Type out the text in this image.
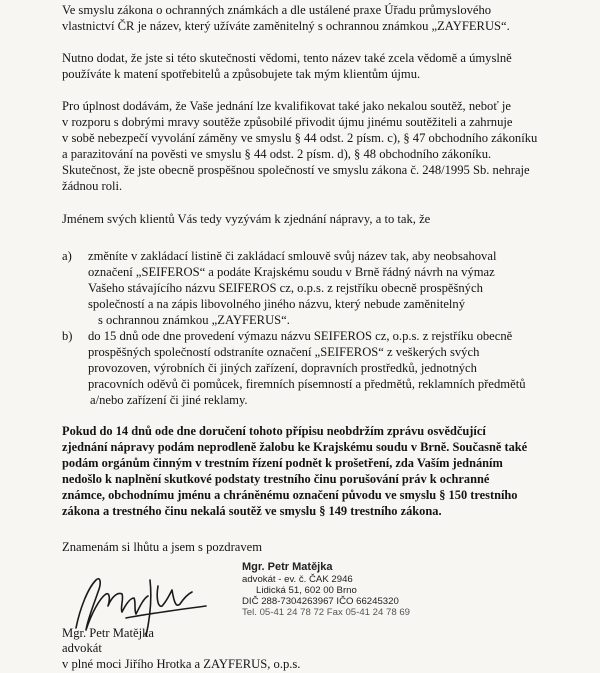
Ve smyslu zákona o ochranných známkách a dle ustálené praxe Úřadu průmyslového
vlastnictví ČR je název, který užíváte zaměnitelný s ochrannou známkou „ZAYFERUS“.
Nutno dodat, že jste si této skutečnosti vědomi, tento název také zcela vědomě a úmyslně
používáte k matení spotřebitelů a způsobujete tak mým klientům újmu.
Pro úplnost dodávám, že Vaše jednání lze kvalifikovat také jako nekalou soutěž, neboť je
v rozporu s dobrými mravy soutěže způsobilé přivodit újmu jinému soutěžiteli a zahrnuje
v sobě nebezpečí vyvolání záměny ve smyslu § 44 odst. 2 písm. c), § 47 obchodního zákoníku
a parazitování na pověsti ve smyslu § 44 odst. 2 písm. d), § 48 obchodního zákoníku.
Skutečnost, že jste obecně prospěšnou společností ve smyslu zákona č. 248/1995 Sb. nehraje
žádnou roli.
Jménem svých klientů Vás tedy vyzývám k zjednání nápravy, a to tak, že
a) změníte v zakládací listině či zakládací smlouvě svůj název tak, aby neobsahoval
označení „SEIFEROS“ a podáte Krajskému soudu v Brně řádný návrh na výmaz
Vašeho stávajícího názvu SEIFEROS cz, o.p.s. z rejstříku obecně prospěšných
společností a na zápis libovolného jiného názvu, který nebude zaměnitelný
s ochrannou známkou „ZAYFERUS“.
b) do 15 dnů ode dne provedení výmazu názvu SEIFEROS cz, o.p.s. z rejstříku obecně
prospěšných společností odstraníte označení „SEIFEROS“ z veškerých svých
provozoven, výrobních či jiných zařízení, dopravních prostředků, jednotných
pracovních oděvů či pomůcek, firemních písemností a předmětů, reklamních předmětů
a/nebo zařízení či jiné reklamy.
Pokud do 14 dnů ode dne doručení tohoto přípisu neobdržím zprávu osvědčující
zjednání nápravy podám neprodleně žalobu ke Krajskému soudu v Brně. Současně také
podám orgánům činným v trestním řízení podnět k prošetření, zda Vaším jednáním
nedošlo k naplnění skutkové podstaty trestního činu porušování práv k ochranné
známce, obchodnímu jménu a chráněnému označení původu ve smyslu § 150 trestního
zákona a trestného činu nekalá soutěž ve smyslu § 149 trestního zákona.
Znamenám si lhůtu a jsem s pozdravem
Mgr. Petr Matějka
advokát - ev. č. ČAK 2946
Lidická 51, 602 00 Brno
DIČ 288-7304263967 IČO 66245320
Tel. 05-41 24 78 72 Fax 05-41 24 78 69
Mgr. Petr Matějka
advokát
v plné moci Jiřího Hrotka a ZAYFERUS, o.p.s.
